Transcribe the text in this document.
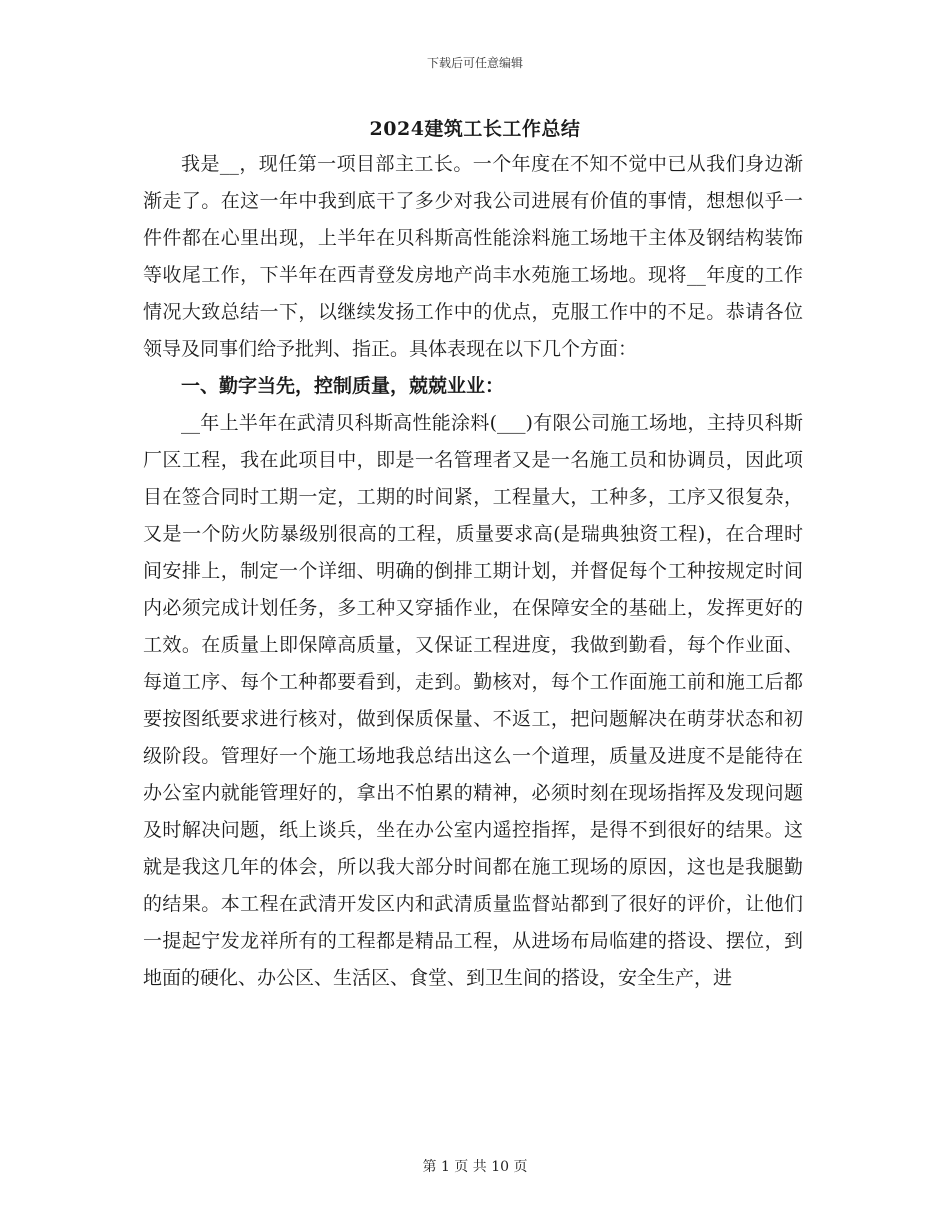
下载后可任意编辑
2024建筑工长工作总结

我是__，现任第一项目部主工长。一个年度在不知不觉中已从我们身边渐渐走了。在这一年中我到底干了多少对我公司进展有价值的事情，想想似乎一件件都在心里出现，上半年在贝科斯高性能涂料施工场地干主体及钢结构装饰等收尾工作，下半年在西青登发房地产尚丰水苑施工场地。现将__年度的工作情况大致总结一下，以继续发扬工作中的优点，克服工作中的不足。恭请各位领导及同事们给予批判、指正。具体表现在以下几个方面：

一、勤字当先，控制质量，兢兢业业：

__年上半年在武清贝科斯高性能涂料(___)有限公司施工场地，主持贝科斯厂区工程，我在此项目中，即是一名管理者又是一名施工员和协调员，因此项目在签合同时工期一定，工期的时间紧，工程量大，工种多，工序又很复杂，又是一个防火防暴级别很高的工程，质量要求高(是瑞典独资工程)，在合理时间安排上，制定一个详细、明确的倒排工期计划，并督促每个工种按规定时间内必须完成计划任务，多工种又穿插作业，在保障安全的基础上，发挥更好的工效。在质量上即保障高质量，又保证工程进度，我做到勤看，每个作业面、每道工序、每个工种都要看到，走到。勤核对，每个工作面施工前和施工后都要按图纸要求进行核对，做到保质保量、不返工，把问题解决在萌芽状态和初级阶段。管理好一个施工场地我总结出这么一个道理，质量及进度不是能待在办公室内就能管理好的，拿出不怕累的精神，必须时刻在现场指挥及发现问题及时解决问题，纸上谈兵，坐在办公室内遥控指挥，是得不到很好的结果。这就是我这几年的体会，所以我大部分时间都在施工现场的原因，这也是我腿勤的结果。本工程在武清开发区内和武清质量监督站都到了很好的评价，让他们一提起宁发龙祥所有的工程都是精品工程，从进场布局临建的搭设、摆位，到地面的硬化、办公区、生活区、食堂、到卫生间的搭设，安全生产，进

第 1 页 共 10 页
